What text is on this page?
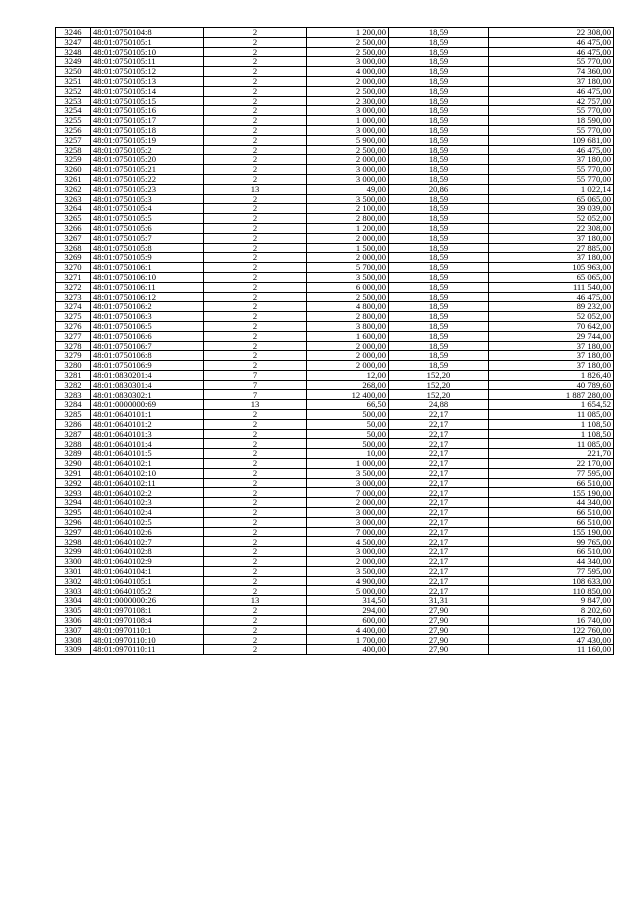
3246	48:01:0750104:8	2	1 200,00	18,59	22 308,00
3247	48:01:0750105:1	2	2 500,00	18,59	46 475,00
3248	48:01:0750105:10	2	2 500,00	18,59	46 475,00
3249	48:01:0750105:11	2	3 000,00	18,59	55 770,00
3250	48:01:0750105:12	2	4 000,00	18,59	74 360,00
3251	48:01:0750105:13	2	2 000,00	18,59	37 180,00
3252	48:01:0750105:14	2	2 500,00	18,59	46 475,00
3253	48:01:0750105:15	2	2 300,00	18,59	42 757,00
3254	48:01:0750105:16	2	3 000,00	18,59	55 770,00
3255	48:01:0750105:17	2	1 000,00	18,59	18 590,00
3256	48:01:0750105:18	2	3 000,00	18,59	55 770,00
3257	48:01:0750105:19	2	5 900,00	18,59	109 681,00
3258	48:01:0750105:2	2	2 500,00	18,59	46 475,00
3259	48:01:0750105:20	2	2 000,00	18,59	37 180,00
3260	48:01:0750105:21	2	3 000,00	18,59	55 770,00
3261	48:01:0750105:22	2	3 000,00	18,59	55 770,00
3262	48:01:0750105:23	13	49,00	20,86	1 022,14
3263	48:01:0750105:3	2	3 500,00	18,59	65 065,00
3264	48:01:0750105:4	2	2 100,00	18,59	39 039,00
3265	48:01:0750105:5	2	2 800,00	18,59	52 052,00
3266	48:01:0750105:6	2	1 200,00	18,59	22 308,00
3267	48:01:0750105:7	2	2 000,00	18,59	37 180,00
3268	48:01:0750105:8	2	1 500,00	18,59	27 885,00
3269	48:01:0750105:9	2	2 000,00	18,59	37 180,00
3270	48:01:0750106:1	2	5 700,00	18,59	105 963,00
3271	48:01:0750106:10	2	3 500,00	18,59	65 065,00
3272	48:01:0750106:11	2	6 000,00	18,59	111 540,00
3273	48:01:0750106:12	2	2 500,00	18,59	46 475,00
3274	48:01:0750106:2	2	4 800,00	18,59	89 232,00
3275	48:01:0750106:3	2	2 800,00	18,59	52 052,00
3276	48:01:0750106:5	2	3 800,00	18,59	70 642,00
3277	48:01:0750106:6	2	1 600,00	18,59	29 744,00
3278	48:01:0750106:7	2	2 000,00	18,59	37 180,00
3279	48:01:0750106:8	2	2 000,00	18,59	37 180,00
3280	48:01:0750106:9	2	2 000,00	18,59	37 180,00
3281	48:01:0830201:4	7	12,00	152,20	1 826,40
3282	48:01:0830301:4	7	268,00	152,20	40 789,60
3283	48:01:0830302:1	7	12 400,00	152,20	1 887 280,00
3284	48:01:0000000:69	13	66,50	24,88	1 654,52
3285	48:01:0640101:1	2	500,00	22,17	11 085,00
3286	48:01:0640101:2	2	50,00	22,17	1 108,50
3287	48:01:0640101:3	2	50,00	22,17	1 108,50
3288	48:01:0640101:4	2	500,00	22,17	11 085,00
3289	48:01:0640101:5	2	10,00	22,17	221,70
3290	48:01:0640102:1	2	1 000,00	22,17	22 170,00
3291	48:01:0640102:10	2	3 500,00	22,17	77 595,00
3292	48:01:0640102:11	2	3 000,00	22,17	66 510,00
3293	48:01:0640102:2	2	7 000,00	22,17	155 190,00
3294	48:01:0640102:3	2	2 000,00	22,17	44 340,00
3295	48:01:0640102:4	2	3 000,00	22,17	66 510,00
3296	48:01:0640102:5	2	3 000,00	22,17	66 510,00
3297	48:01:0640102:6	2	7 000,00	22,17	155 190,00
3298	48:01:0640102:7	2	4 500,00	22,17	99 765,00
3299	48:01:0640102:8	2	3 000,00	22,17	66 510,00
3300	48:01:0640102:9	2	2 000,00	22,17	44 340,00
3301	48:01:0640104:1	2	3 500,00	22,17	77 595,00
3302	48:01:0640105:1	2	4 900,00	22,17	108 633,00
3303	48:01:0640105:2	2	5 000,00	22,17	110 850,00
3304	48:01:0000000:26	13	314,50	31,31	9 847,00
3305	48:01:0970108:1	2	294,00	27,90	8 202,60
3306	48:01:0970108:4	2	600,00	27,90	16 740,00
3307	48:01:0970110:1	2	4 400,00	27,90	122 760,00
3308	48:01:0970110:10	2	1 700,00	27,90	47 430,00
3309	48:01:0970110:11	2	400,00	27,90	11 160,00
